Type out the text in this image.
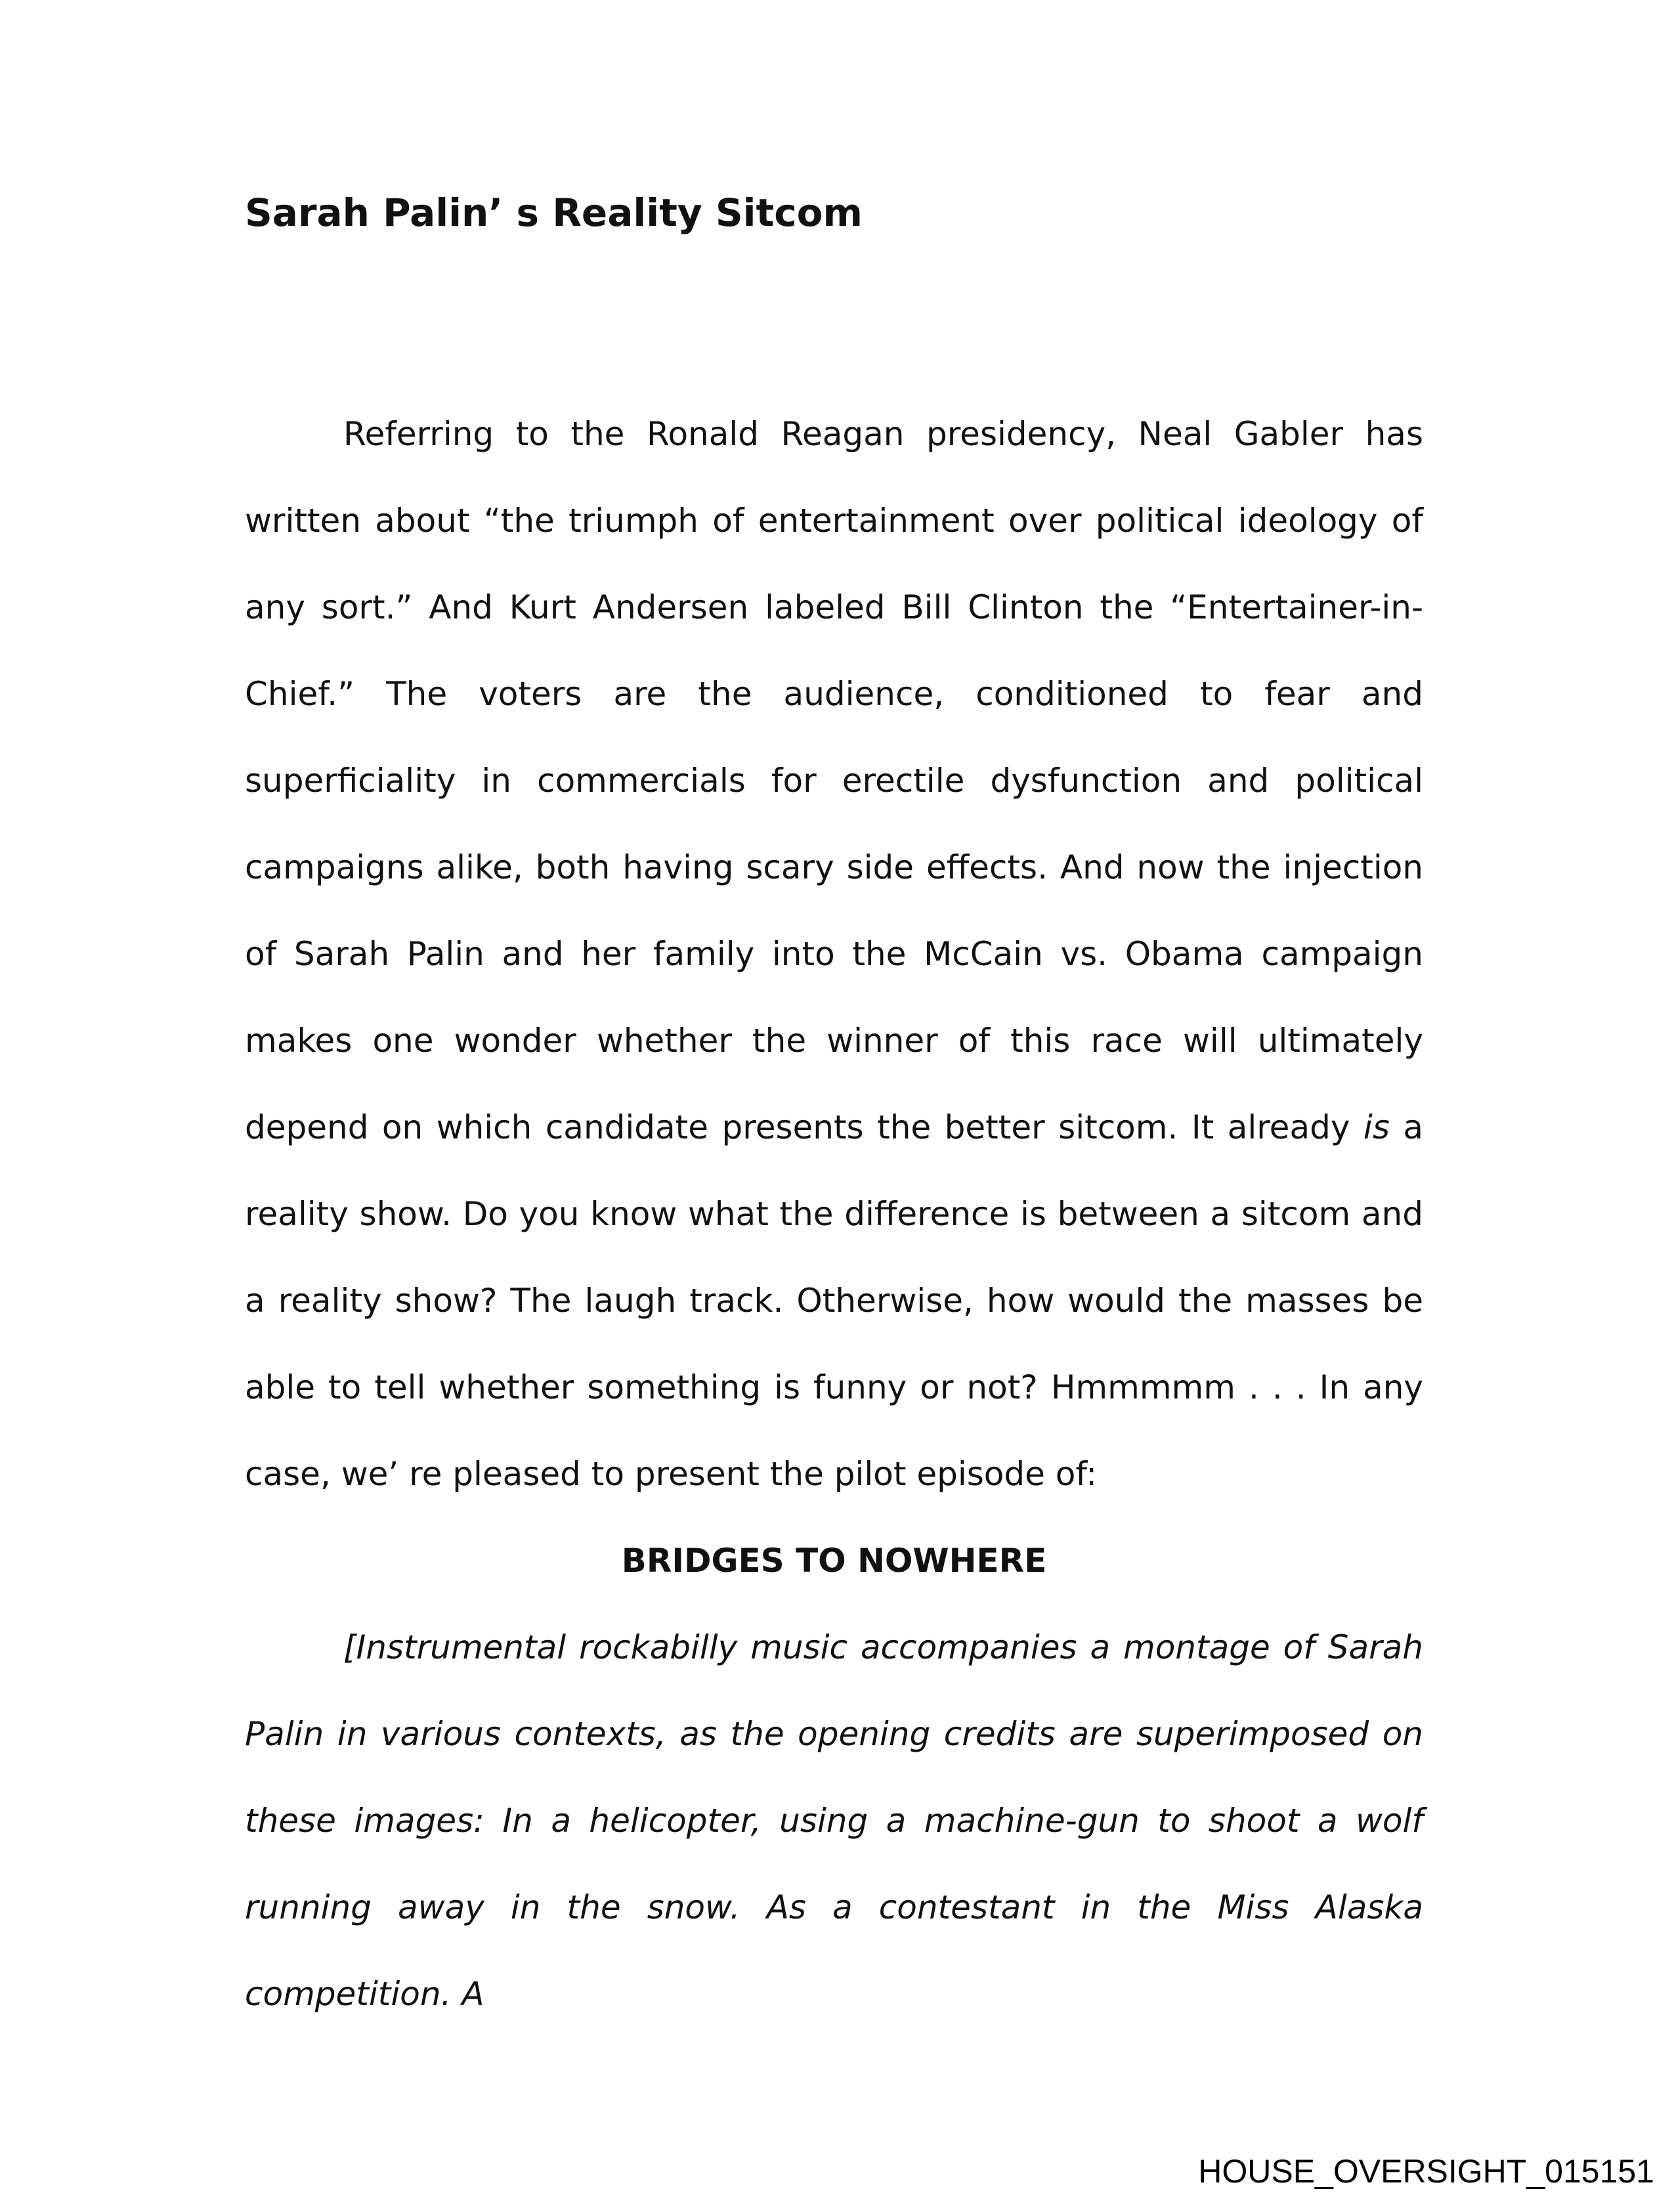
Sarah Palin’ s Reality Sitcom

Referring to the Ronald Reagan presidency, Neal Gabler has written about “the triumph of entertainment over political ideology of any sort.” And Kurt Andersen labeled Bill Clinton the “Entertainer-in-Chief.” The voters are the audience, conditioned to fear and superficiality in commercials for erectile dysfunction and political campaigns alike, both having scary side effects. And now the injection of Sarah Palin and her family into the McCain vs. Obama campaign makes one wonder whether the winner of this race will ultimately depend on which candidate presents the better sitcom. It already is a reality show. Do you know what the difference is between a sitcom and a reality show? The laugh track. Otherwise, how would the masses be able to tell whether something is funny or not? Hmmmmm . . . In any case, we’ re pleased to present the pilot episode of:

BRIDGES TO NOWHERE

[Instrumental rockabilly music accompanies a montage of Sarah Palin in various contexts, as the opening credits are superimposed on these images: In a helicopter, using a machine-gun to shoot a wolf running away in the snow. As a contestant in the Miss Alaska competition. A

HOUSE_OVERSIGHT_015151
